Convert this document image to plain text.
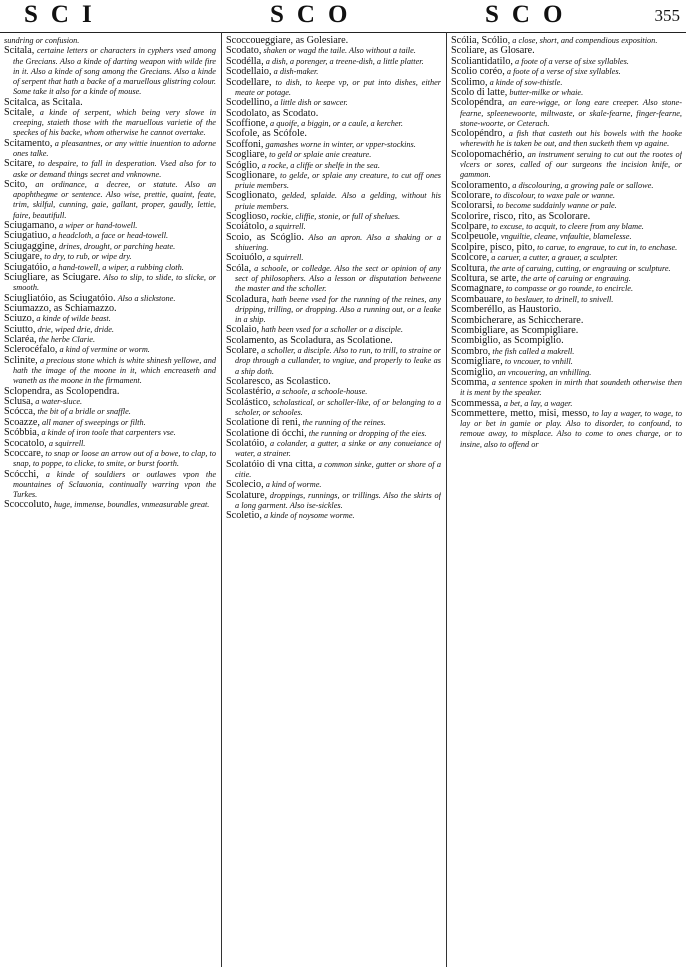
SCI	SCO	SCO	355

sundring or confusion.

Scitala, certaine letters or characters in cyphers vsed among the Grecians. Also a kinde of darting weapon with wilde fire in it. Also a kinde of song among the Grecians. Also a kinde of serpent that hath a backe of a maruellous glistring colour. Some take it also for a kinde of mouse.

Scitalca, as Scitala.

Scitale, a kinde of serpent, which being very slowe in creeping, staieth those with the maruellous varietie of the speckes of his backe, whom otherwise he cannot overtake.

Scitamento, a pleasantnes, or any wittie inuention to adorne ones talke.

Scitare, to despaire, to fall in desperation. Vsed also for to aske or demand things secret and vnknowne.

Scito, an ordinance, a decree, or statute. Also an apophthegme or sentence. Also wise, prettie, quaint, feate, trim, skilful, cunning, gaie, gallant, proper, gaudly, lettie, faire, beautifull.

Sciugamano, a wiper or hand-towell.

Sciugatiuo, a headcloth, a face or head-towell.

Sciugaggine, drines, drought, or parching heate.

Sciugare, to dry, to rub, or wipe dry.

Sciugatóio, a hand-towell, a wiper, a rubbing cloth.

Sciugliare, as Sciugare. Also to slip, to slide, to slicke, or smooth.

Sciugliatóio, as Sciugatóio. Also a slickstone.

Sciumazzo, as Schiamazzo.

Sciuzo, a kinde of wilde beast.

Sciutto, drie, wiped drie, dride.

Sclaréa, the herbe Clarie.

Sclerocéfalo, a kind of vermine or worm.

Sclinite, a precious stone which is white shinesh yellowe, and hath the image of the moone in it, which encreaseth and waneth as the moone in the firmament.

Sclopendra, as Scolopendra.

Sclusa, a water-sluce.

Scócca, the bit of a bridle or snaffle.

Scoazze, all maner of sweepings or filth.

Scóbbia, a kinde of iron toole that carpenters vse.

Scocatolo, a squirrell.

Scoccare, to snap or loose an arrow out of a bowe, to clap, to snap, to poppe, to clicke, to smite, or burst foorth.

Scócchi, a kinde of souldiers or outlawes vpon the mountaines of Sclauonia, continually warring vpon the Turkes.

Scoccoluto, huge, immense, boundles, vnmeasurable great.

Scoccoueggiare, as Golesiare.

Scodato, shaken or wagd the taile. Also without a taile.

Scodélla, a dish, a porenger, a treene-dish, a little platter.

Scodellaio, a dish-maker.

Scodellare, to dish, to keepe vp, or put into dishes, either meate or potage.

Scodellino, a little dish or sawcer.

Scodolato, as Scodato.

Scoffione, a quoife, a biggin, or a caule, a kercher.

Scofole, as Scófole.

Scoffoni, gamashes worne in winter, or vpper-stockins.

Scogliare, to geld or splaie anie creature.

Scóglio, a rocke, a cliffe or shelfe in the sea.

Scoglionare, to gelde, or splaie any creature, to cut off ones priuie members.

Scoglionato, gelded, splaide. Also a gelding, without his priuie members.

Scoglioso, rockie, cliffie, stonie, or full of shelues.

Scoiátolo, a squirrell.

Scoio, as Scóglio. Also an apron. Also a shaking or a shiuering.

Scoiuólo, a squirrell.

Scóla, a schoole, or colledge. Also the sect or opinion of any sect of philosophers. Also a lesson or disputation betweene the master and the scholler.

Scoladura, hath beene vsed for the running of the reines, any dripping, trilling, or dropping. Also a running out, or a leake in a ship.

Scolaio, hath been vsed for a scholler or a disciple.

Scolamento, as Scoladura, as Scolatione.

Scolare, a scholler, a disciple. Also to run, to trill, to straine or drop through a cullander, to vngiue, and properly to leake as a ship doth.

Scolaresco, as Scolastico.

Scolastério, a schoole, a schoole-house.

Scolástico, scholastical, or scholler-like, of or belonging to a scholer, or schooles.

Scolatione di reni, the running of the reines.

Scolatione di ócchi, the running or dropping of the eies.

Scolatóio, a colander, a gutter, a sinke or any conueiance of water, a strainer.

Scolatóio di vna citta, a common sinke, gutter or shore of a citie.

Scolecio, a kind of worme.

Scolature, droppings, runnings, or trillings. Also the skirts of a long garment. Also ise-sickles.

Scoletio, a kinde of noysome worme.

Scólia, Scólio, a close, short, and compendious exposition.

Scoliare, as Glosare.

Scoliantidatilo, a foote of a verse of sixe syllables.

Scolio coréo, a foote of a verse of sixe syllables.

Scolimo, a kinde of sow-thistle.

Scolo di latte, butter-milke or whaie.

Scolopéndra, an eare-wigge, or long eare creeper. Also stone-fearne, spleenewoorte, miltwaste, or skale-fearne, finger-fearne, stone-woorte, or Ceterach.

Scolopéndro, a fish that casteth out his bowels with the hooke wherewith he is taken be out, and then sucketh them vp againe.

Scolopomachério, an instrument seruing to cut out the rootes of vlcers or sores, called of our surgeons the incision knife, or gammon.

Scoloramento, a discolouring, a growing pale or sallowe.

Scolorare, to discolour, to waxe pale or wanne.

Scolorarsi, to become suddainly wanne or pale.

Scolorire, risco, rito, as Scolorare.

Scolpare, to excuse, to acquit, to cleere from any blame.

Scolpeuole, vnguiltie, cleane, vnfaultie, blamelesse.

Scolpire, pisco, pito, to carue, to engraue, to cut in, to enchase.

Scolcore, a caruer, a cutter, a grauer, a sculpter.

Scoltura, the arte of caruing, cutting, or engrauing or sculpture.

Scoltura, se arte, the arte of caruing or engrauing.

Scomagnare, to compasse or go rounde, to encircle.

Scombauare, to beslauer, to drinell, to snivell.

Scomberéllo, as Haustorio.

Scombicherare, as Schiccherare.

Scombigliare, as Scompigliare.

Scombiglio, as Scompiglio.

Scombro, the fish called a makrell.

Scomigliare, to vncouer, to vnhill.

Scomiglio, an vncouering, an vnhilling.

Scomma, a sentence spoken in mirth that soundeth otherwise then it is ment by the speaker.

Scommessa, a bet, a lay, a wager.

Scommettere, metto, misi, messo, to lay a wager, to wage, to lay or bet in gamie or play. Also to disorder, to confound, to remoue away, to misplace. Also to come to ones charge, or to insine, also to offend or
